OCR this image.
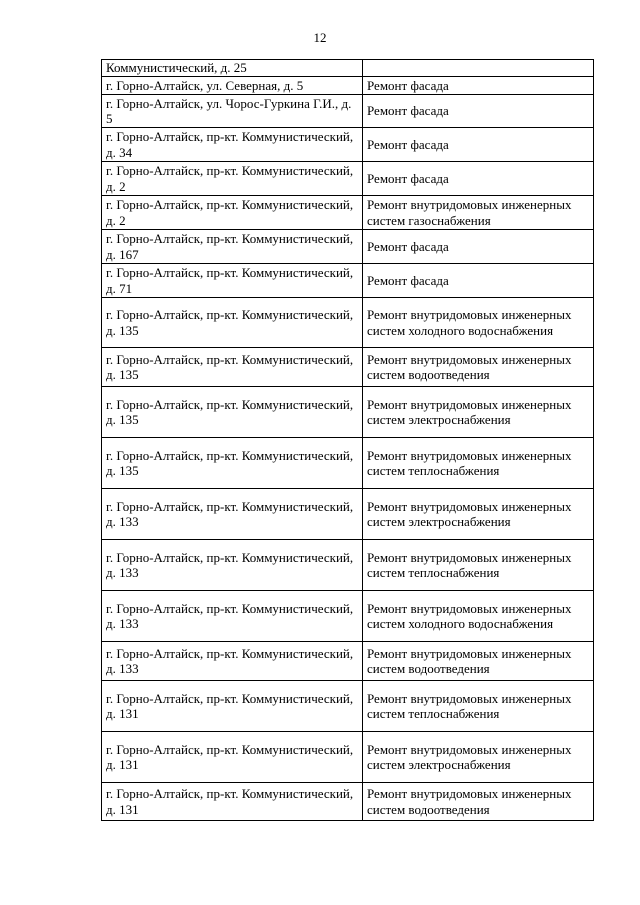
12
Коммунистический, д. 25	
г. Горно-Алтайск, ул. Северная, д. 5	Ремонт фасада
г. Горно-Алтайск, ул. Чорос-Гуркина Г.И., д. 5	Ремонт фасада
г. Горно-Алтайск, пр-кт. Коммунистический, д. 34	Ремонт фасада
г. Горно-Алтайск, пр-кт. Коммунистический, д. 2	Ремонт фасада
г. Горно-Алтайск, пр-кт. Коммунистический, д. 2	Ремонт внутридомовых инженерных систем газоснабжения
г. Горно-Алтайск, пр-кт. Коммунистический, д. 167	Ремонт фасада
г. Горно-Алтайск, пр-кт. Коммунистический, д. 71	Ремонт фасада
г. Горно-Алтайск, пр-кт. Коммунистический, д. 135	Ремонт внутридомовых инженерных систем холодного водоснабжения
г. Горно-Алтайск, пр-кт. Коммунистический, д. 135	Ремонт внутридомовых инженерных систем водоотведения
г. Горно-Алтайск, пр-кт. Коммунистический, д. 135	Ремонт внутридомовых инженерных систем электроснабжения
г. Горно-Алтайск, пр-кт. Коммунистический, д. 135	Ремонт внутридомовых инженерных систем теплоснабжения
г. Горно-Алтайск, пр-кт. Коммунистический, д. 133	Ремонт внутридомовых инженерных систем электроснабжения
г. Горно-Алтайск, пр-кт. Коммунистический, д. 133	Ремонт внутридомовых инженерных систем теплоснабжения
г. Горно-Алтайск, пр-кт. Коммунистический, д. 133	Ремонт внутридомовых инженерных систем холодного водоснабжения
г. Горно-Алтайск, пр-кт. Коммунистический, д. 133	Ремонт внутридомовых инженерных систем водоотведения
г. Горно-Алтайск, пр-кт. Коммунистический, д. 131	Ремонт внутридомовых инженерных систем теплоснабжения
г. Горно-Алтайск, пр-кт. Коммунистический, д. 131	Ремонт внутридомовых инженерных систем электроснабжения
г. Горно-Алтайск, пр-кт. Коммунистический, д. 131	Ремонт внутридомовых инженерных систем водоотведения
